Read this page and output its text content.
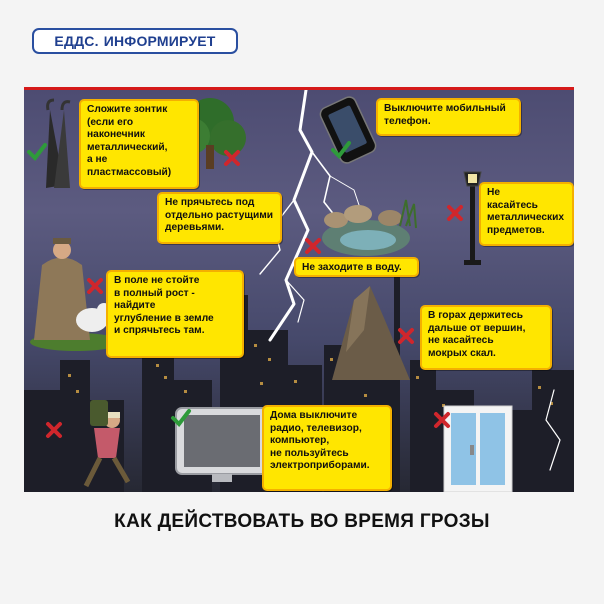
ЕДДС. ИНФОРМИРУЕТ
Сложите зонтик
(если его
наконечник
металлический,
а не
пластмассовый)
Выключите мобильный
телефон.
Не прячьтесь под
отдельно растущими
деревьями.
Не
касайтесь
металлических
предметов.
Не заходите в воду.
В поле не стойте
в полный рост -
найдите
углубление в земле
и спрячьтесь там.
В горах держитесь
дальше от вершин,
не касайтесь
мокрых скал.
Дома выключите
радио, телевизор,
компьютер,
не пользуйтесь
электроприборами.
КАК ДЕЙСТВОВАТЬ ВО ВРЕМЯ ГРОЗЫ
